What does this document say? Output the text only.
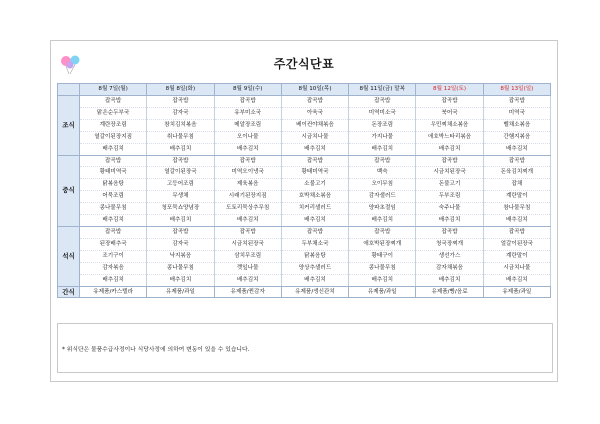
주간식단표
	8월 7일(월)	8월 8일(화)	8월 9일(수)	8월 10일(목)	8월 11일(금) 말복	8월 12일(토)	8월 13일(일)
조식	잡곡밥	잡곡밥	잡곡밥	잡곡밥	잡곡밥	잡곡밥	잡곡밥
	맑은순두부국	감자국	유부미소국	아욱국	미역미소국	북어국	미역국
	계란장조림	참치김치볶음	메알장조림	베이컨야채볶음	돈장조림	우민찌채소볶음	벨채소볶음
	열갈이된장지짐	취나물무침	오이나물	시금치나물	가지나물	애호박느타리볶음	간햄지볶음
	배추김치	배추김치	배추김치	배추김치	배추김치	배추김치	배추김치
중식	잡곡밥	잡곡밥	잡곡밥	잡곡밥	잡곡밥	잡곡밥	잡곡밥
	황태미역국	열갈이된장국	미역오이냉국	황태미역국	백숙	시금치된장국	돈육김치찌개
	닭볶음탕	고등어조림	제육볶음	소불고기	오이무침	돈불고기	잡채
	어묵조림	무생채	시래기된장지짐	호박채소볶음	감자샐러드	두부조림	계란말이
	콩나물무침	청포묵쇼양념장	도토리묵상추무침	치커리샐러드	양파초절임	숙주나물	참나물무침
	배추김치	배추김치	배추김치	배추김치	배추김치	배추김치	배추김치
석식	잡곡밥	잡곡밥	잡곡밥	잡곡밥	잡곡밥	잡곡밥	잡곡밥
	된장배추국	감자국	시금치된장국	두부채소국	애호박된장찌개	청국장찌개	얼갈이된장국
	조기구이	낙지볶음	삼치무조림	닭볶음탕	황태구이	생선가스	계란말이
	감자볶음	콩나물무침	깻잎나물	양상추샐러드	콩나물무침	감자채볶음	시금치나물
	배추김치	배추김치	배추김치	배추김치	배추김치	배추김치	배추김치
간식	유제품/카스텔라	유제품/과일	유제품/찐감자	유제품/생신관치	유제품/과일	유제품/빵/음료	유제품/과일
* 위식단은 물품수급사정이나 식당사정에 의하여 변동이 있을 수 있습니다.
